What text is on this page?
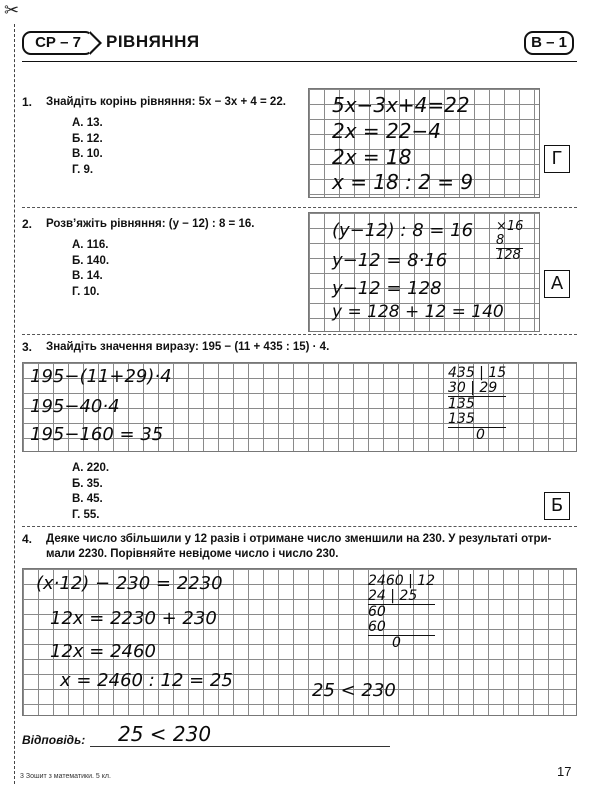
✂
СР – 7	РІВНЯННЯ	В – 1
1. Знайдіть корінь рівняння: 5x − 3x + 4 = 22.
А. 13.
Б. 12.
В. 10.
Г. 9.
5x−3x+4=22
2x = 22−4
2x = 18
x = 18 : 2 = 9
Г
2. Розв’яжіть рівняння: (y − 12) : 8 = 16.
А. 116.
Б. 140.
В. 14.
Г. 10.
(y−12) : 8 = 16
y−12 = 8·16
y−12 = 128
y = 128 + 12 = 140
×16
8
128
А
3. Знайдіть значення виразу: 195 − (11 + 435 : 15) · 4.
195−(11+29)·4
195−40·4
195−160 = 35
435 | 15
30 | 29
135
135
0
А. 220.
Б. 35.
В. 45.
Г. 55.	Б
4. Деяке число збільшили у 12 разів і отримане число зменшили на 230. У результаті отри-
мали 2230. Порівняйте невідоме число і число 230.
(x·12) − 230 = 2230
12x = 2230 + 230
12x = 2460
x = 2460 : 12 = 25
2460 | 12
24 | 25
60
60
0
25 < 230
Відповідь: 25 < 230
3 Зошит з математики. 5 кл.	17
